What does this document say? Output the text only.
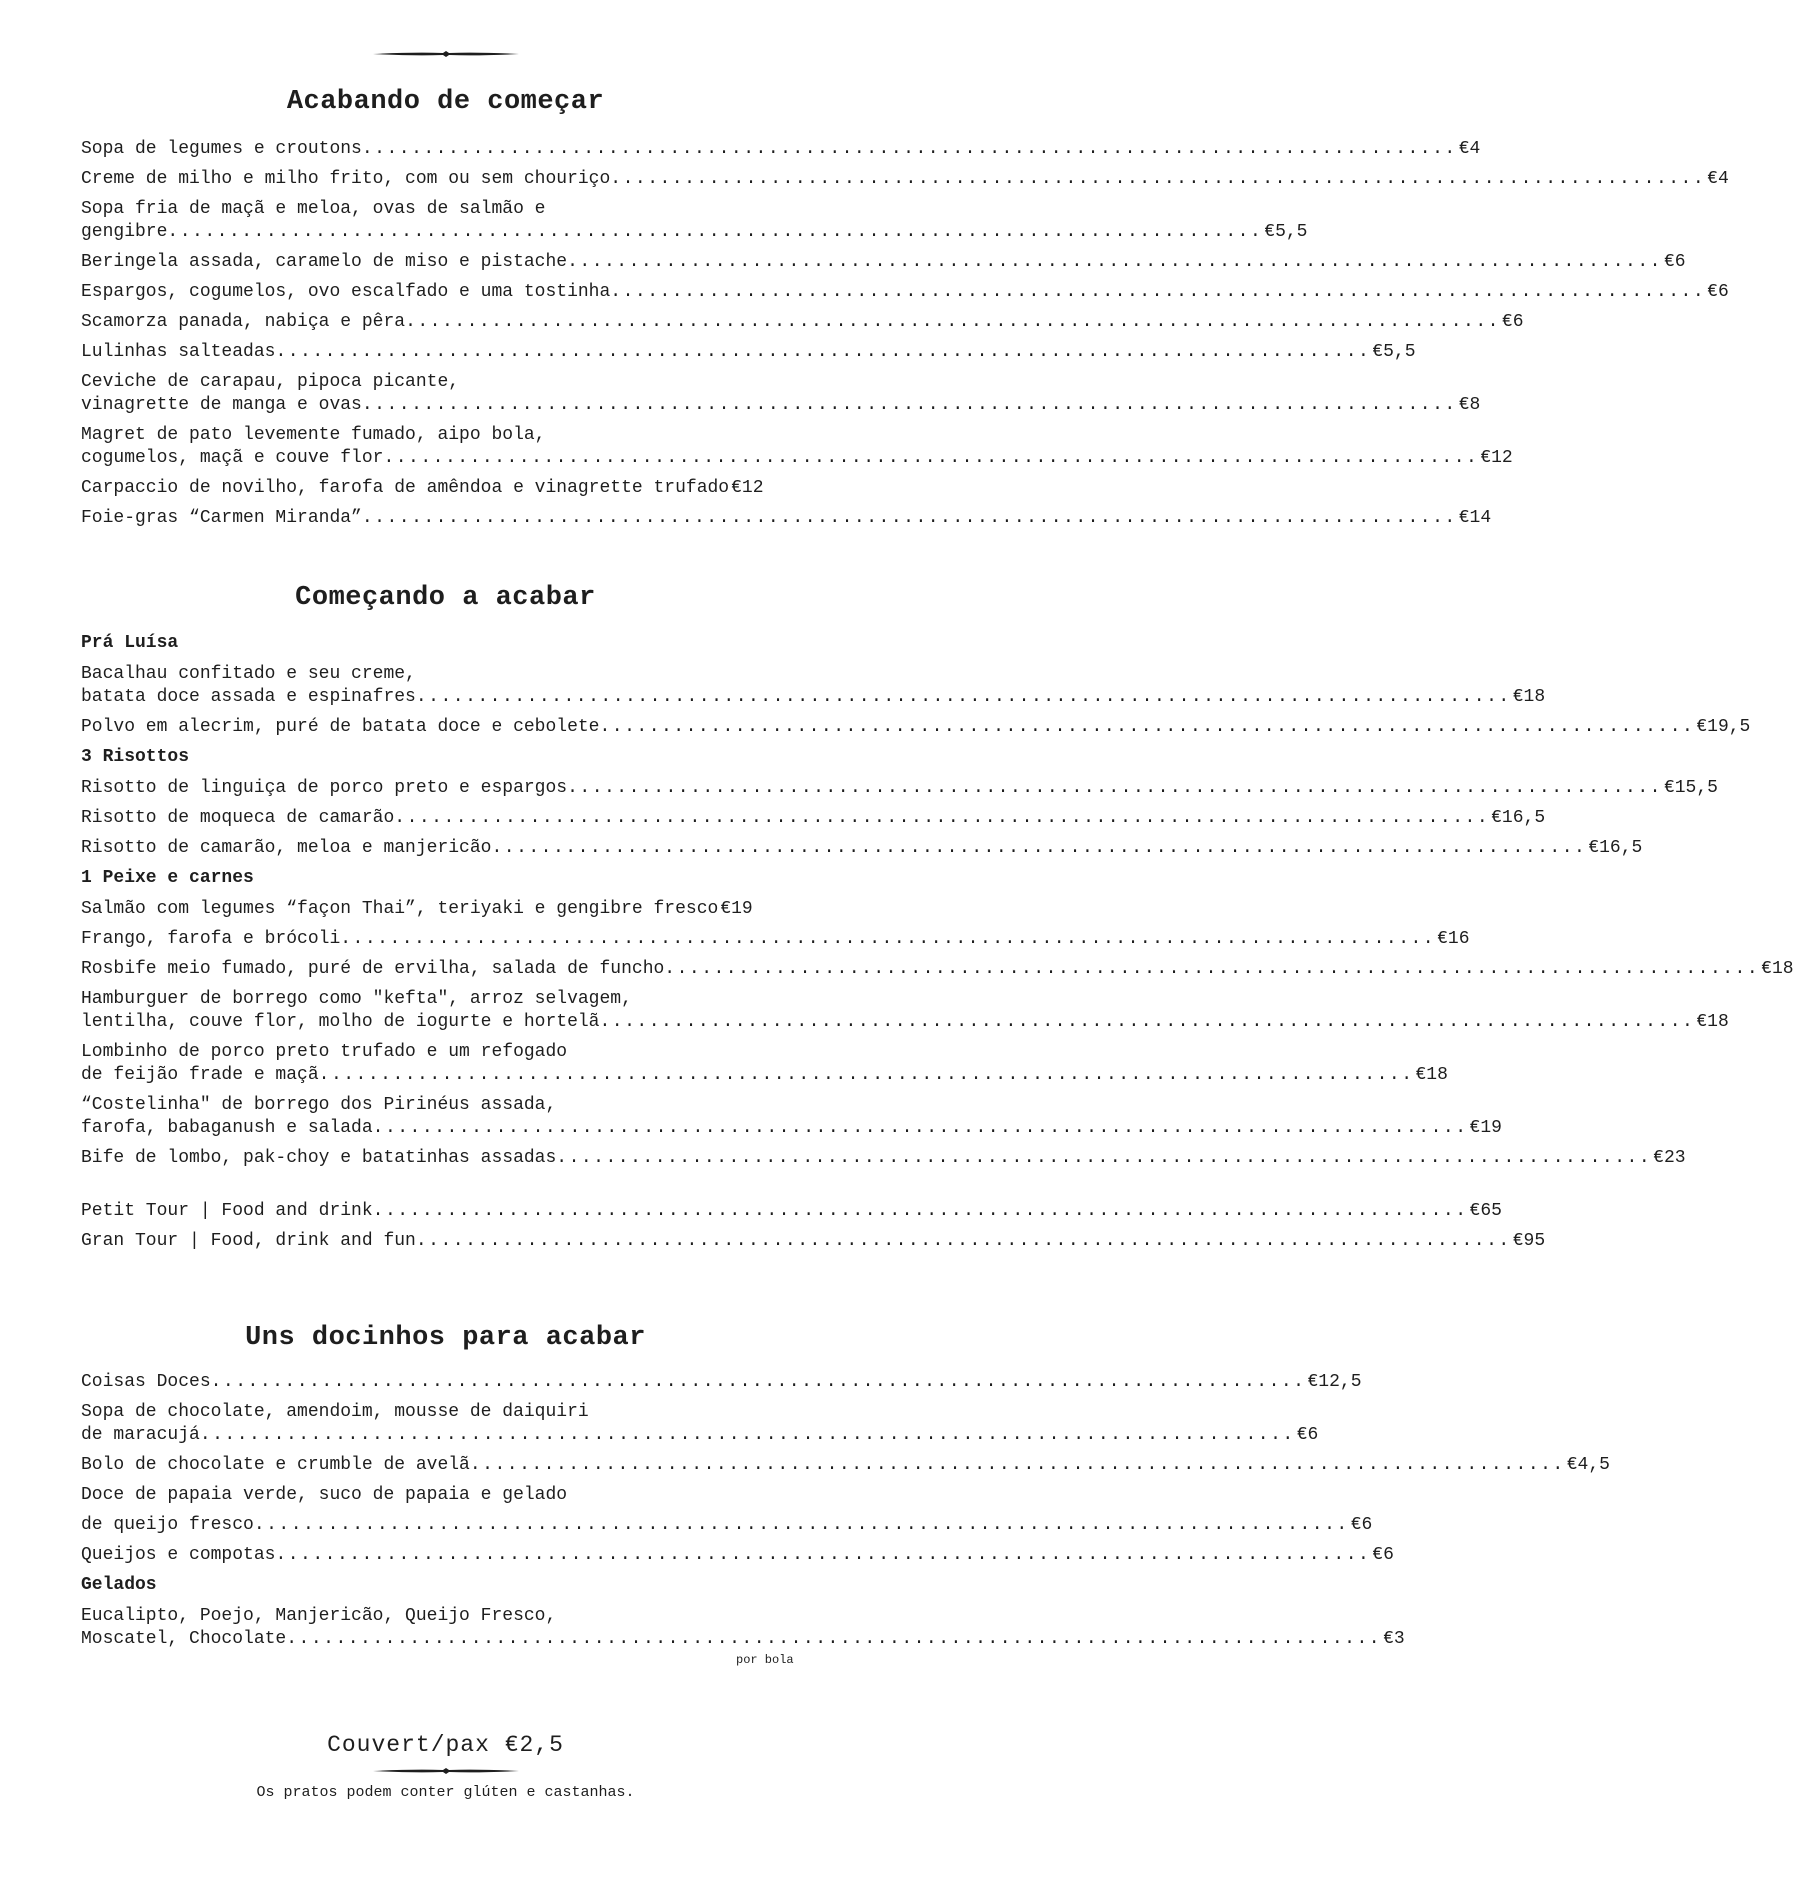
Acabando de começar
Sopa de legumes e croutons ......................................................................................... €4
Creme de milho e milho frito, com ou sem chouriço ......................................................................................... €4
Sopa fria de maçã e meloa, ovas de salmão e
gengibre ......................................................................................... €5,5
Beringela assada, caramelo de miso e pistache ......................................................................................... €6
Espargos, cogumelos, ovo escalfado e uma tostinha ......................................................................................... €6
Scamorza panada, nabiça e pêra ......................................................................................... €6
Lulinhas salteadas ......................................................................................... €5,5
Ceviche de carapau, pipoca picante,
vinagrette de manga e ovas ......................................................................................... €8
Magret de pato levemente fumado, aipo bola,
cogumelos, maçã e couve flor ......................................................................................... €12
Carpaccio de novilho, farofa de amêndoa e vinagrette trufado €12
Foie-gras “Carmen Miranda” ......................................................................................... €14
Começando a acabar
Prá Luísa
Bacalhau confitado e seu creme,
batata doce assada e espinafres ......................................................................................... €18
Polvo em alecrim, puré de batata doce e cebolete ......................................................................................... €19,5
3 Risottos
Risotto de linguiça de porco preto e espargos ......................................................................................... €15,5
Risotto de moqueca de camarão ......................................................................................... €16,5
Risotto de camarão, meloa e manjericão ......................................................................................... €16,5
1 Peixe e carnes
Salmão com legumes “façon Thai”, teriyaki e gengibre fresco €19
Frango, farofa e brócoli ......................................................................................... €16
Rosbife meio fumado, puré de ervilha, salada de funcho ......................................................................................... €18
Hamburguer de borrego como "kefta", arroz selvagem,
lentilha, couve flor, molho de iogurte e hortelã ......................................................................................... €18
Lombinho de porco preto trufado e um refogado
de feijão frade e maçã ......................................................................................... €18
“Costelinha" de borrego dos Pirinéus assada,
farofa, babaganush e salada ......................................................................................... €19
Bife de lombo, pak-choy e batatinhas assadas ......................................................................................... €23
Petit Tour | Food and drink ......................................................................................... €65
Gran Tour | Food, drink and fun ......................................................................................... €95
Uns docinhos para acabar
Coisas Doces ......................................................................................... €12,5
Sopa de chocolate, amendoim, mousse de daiquiri
de maracujá ......................................................................................... €6
Bolo de chocolate e crumble de avelã ......................................................................................... €4,5
Doce de papaia verde, suco de papaia e gelado
de queijo fresco ......................................................................................... €6
Queijos e compotas ......................................................................................... €6
Gelados
Eucalipto, Poejo, Manjericão, Queijo Fresco,
Moscatel, Chocolate ......................................................................................... €3
por bola
Couvert/pax €2,5
Os pratos podem conter glúten e castanhas.
